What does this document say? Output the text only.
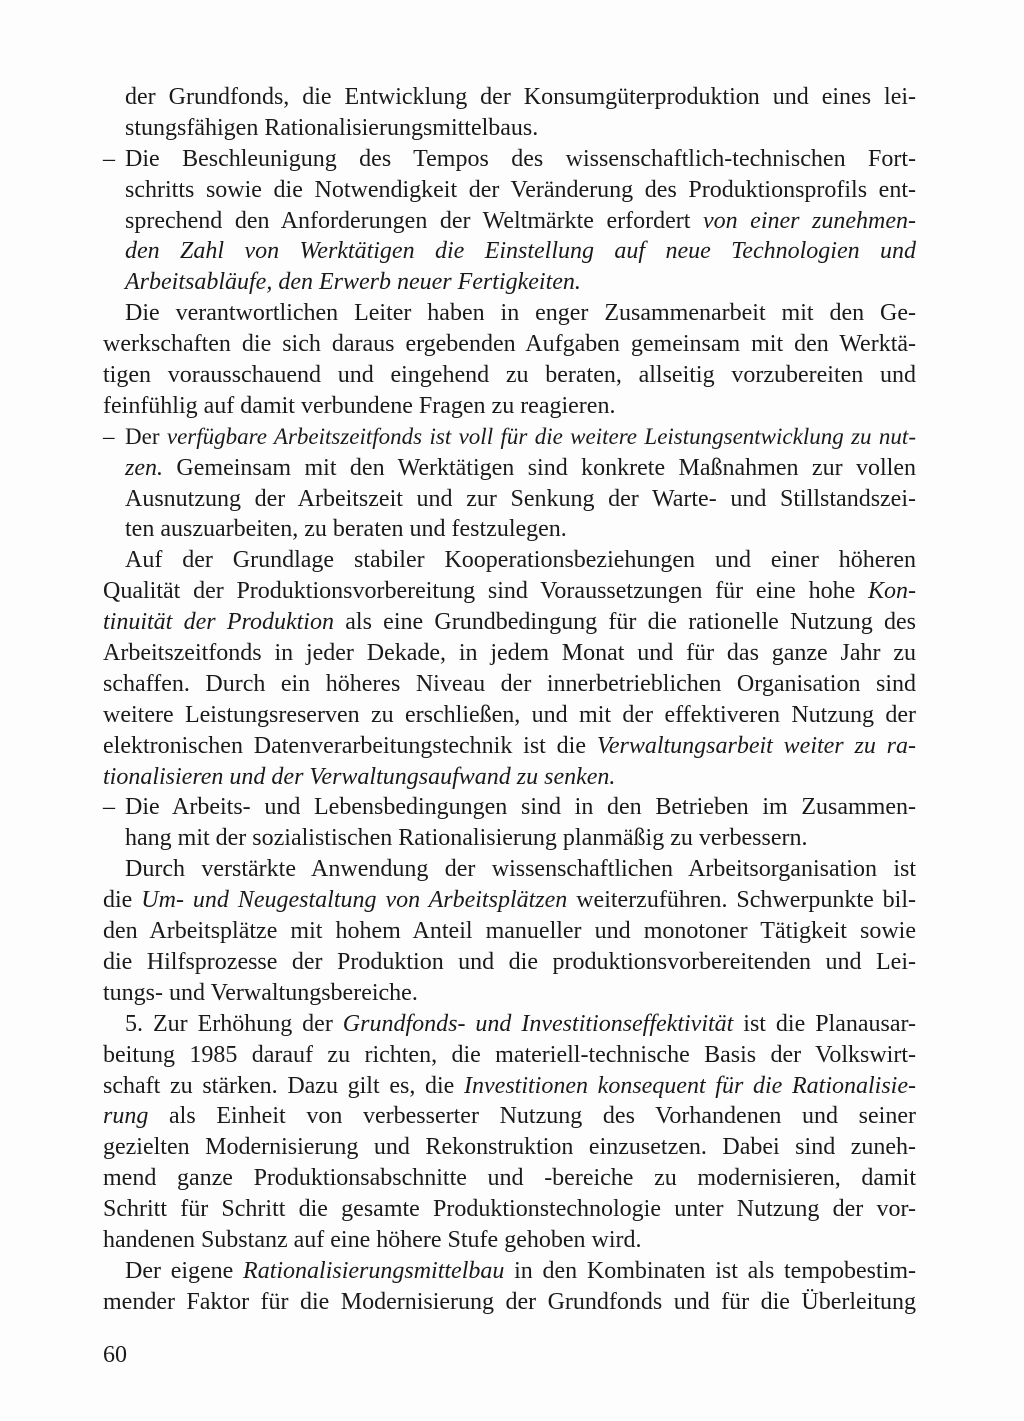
der Grundfonds, die Entwicklung der Konsumgüterproduktion und eines lei-
stungsfähigen Rationalisierungsmittelbaus.
– Die Beschleunigung des Tempos des wissenschaftlich-technischen Fort-
schritts sowie die Notwendigkeit der Veränderung des Produktionsprofils ent-
sprechend den Anforderungen der Weltmärkte erfordert von einer zunehmen-
den Zahl von Werktätigen die Einstellung auf neue Technologien und
Arbeitsabläufe, den Erwerb neuer Fertigkeiten.
Die verantwortlichen Leiter haben in enger Zusammenarbeit mit den Ge-
werkschaften die sich daraus ergebenden Aufgaben gemeinsam mit den Werktä-
tigen vorausschauend und eingehend zu beraten, allseitig vorzubereiten und
feinfühlig auf damit verbundene Fragen zu reagieren.
– Der verfügbare Arbeitszeitfonds ist voll für die weitere Leistungsentwicklung zu nut-
zen. Gemeinsam mit den Werktätigen sind konkrete Maßnahmen zur vollen
Ausnutzung der Arbeitszeit und zur Senkung der Warte- und Stillstandszei-
ten auszuarbeiten, zu beraten und festzulegen.
Auf der Grundlage stabiler Kooperationsbeziehungen und einer höheren
Qualität der Produktionsvorbereitung sind Voraussetzungen für eine hohe Kon-
tinuität der Produktion als eine Grundbedingung für die rationelle Nutzung des
Arbeitszeitfonds in jeder Dekade, in jedem Monat und für das ganze Jahr zu
schaffen. Durch ein höheres Niveau der innerbetrieblichen Organisation sind
weitere Leistungsreserven zu erschließen, und mit der effektiveren Nutzung der
elektronischen Datenverarbeitungstechnik ist die Verwaltungsarbeit weiter zu ra-
tionalisieren und der Verwaltungsaufwand zu senken.
– Die Arbeits- und Lebensbedingungen sind in den Betrieben im Zusammen-
hang mit der sozialistischen Rationalisierung planmäßig zu verbessern.
Durch verstärkte Anwendung der wissenschaftlichen Arbeitsorganisation ist
die Um- und Neugestaltung von Arbeitsplätzen weiterzuführen. Schwerpunkte bil-
den Arbeitsplätze mit hohem Anteil manueller und monotoner Tätigkeit sowie
die Hilfsprozesse der Produktion und die produktionsvorbereitenden und Lei-
tungs- und Verwaltungsbereiche.
5. Zur Erhöhung der Grundfonds- und Investitionseffektivität ist die Planausar-
beitung 1985 darauf zu richten, die materiell-technische Basis der Volkswirt-
schaft zu stärken. Dazu gilt es, die Investitionen konsequent für die Rationalisie-
rung als Einheit von verbesserter Nutzung des Vorhandenen und seiner
gezielten Modernisierung und Rekonstruktion einzusetzen. Dabei sind zuneh-
mend ganze Produktionsabschnitte und -bereiche zu modernisieren, damit
Schritt für Schritt die gesamte Produktionstechnologie unter Nutzung der vor-
handenen Substanz auf eine höhere Stufe gehoben wird.
Der eigene Rationalisierungsmittelbau in den Kombinaten ist als tempobestim-
mender Faktor für die Modernisierung der Grundfonds und für die Überleitung
60
